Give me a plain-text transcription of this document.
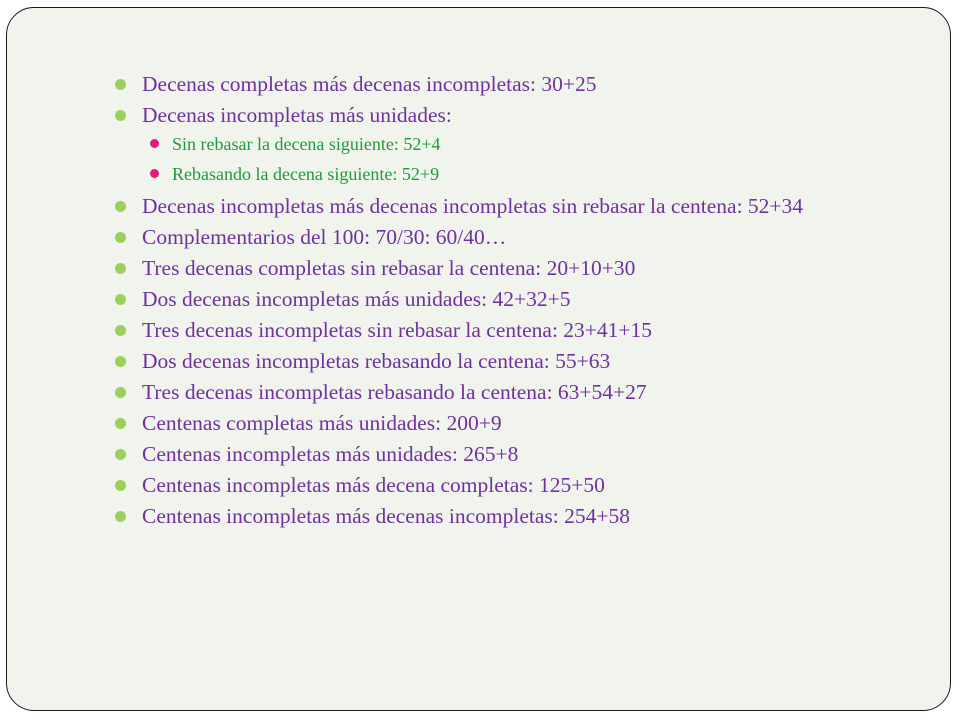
Decenas completas más decenas incompletas: 30+25
Decenas incompletas más unidades:
Sin rebasar la decena siguiente: 52+4
Rebasando la decena siguiente: 52+9
Decenas incompletas más decenas incompletas sin rebasar la centena: 52+34
Complementarios del 100: 70/30: 60/40…
Tres decenas completas sin rebasar la centena: 20+10+30
Dos decenas incompletas más unidades: 42+32+5
Tres decenas incompletas sin rebasar la centena: 23+41+15
Dos decenas incompletas rebasando la centena: 55+63
Tres decenas incompletas rebasando la centena: 63+54+27
Centenas completas más unidades: 200+9
Centenas incompletas más unidades: 265+8
Centenas incompletas más decena completas: 125+50
Centenas incompletas más decenas incompletas: 254+58
